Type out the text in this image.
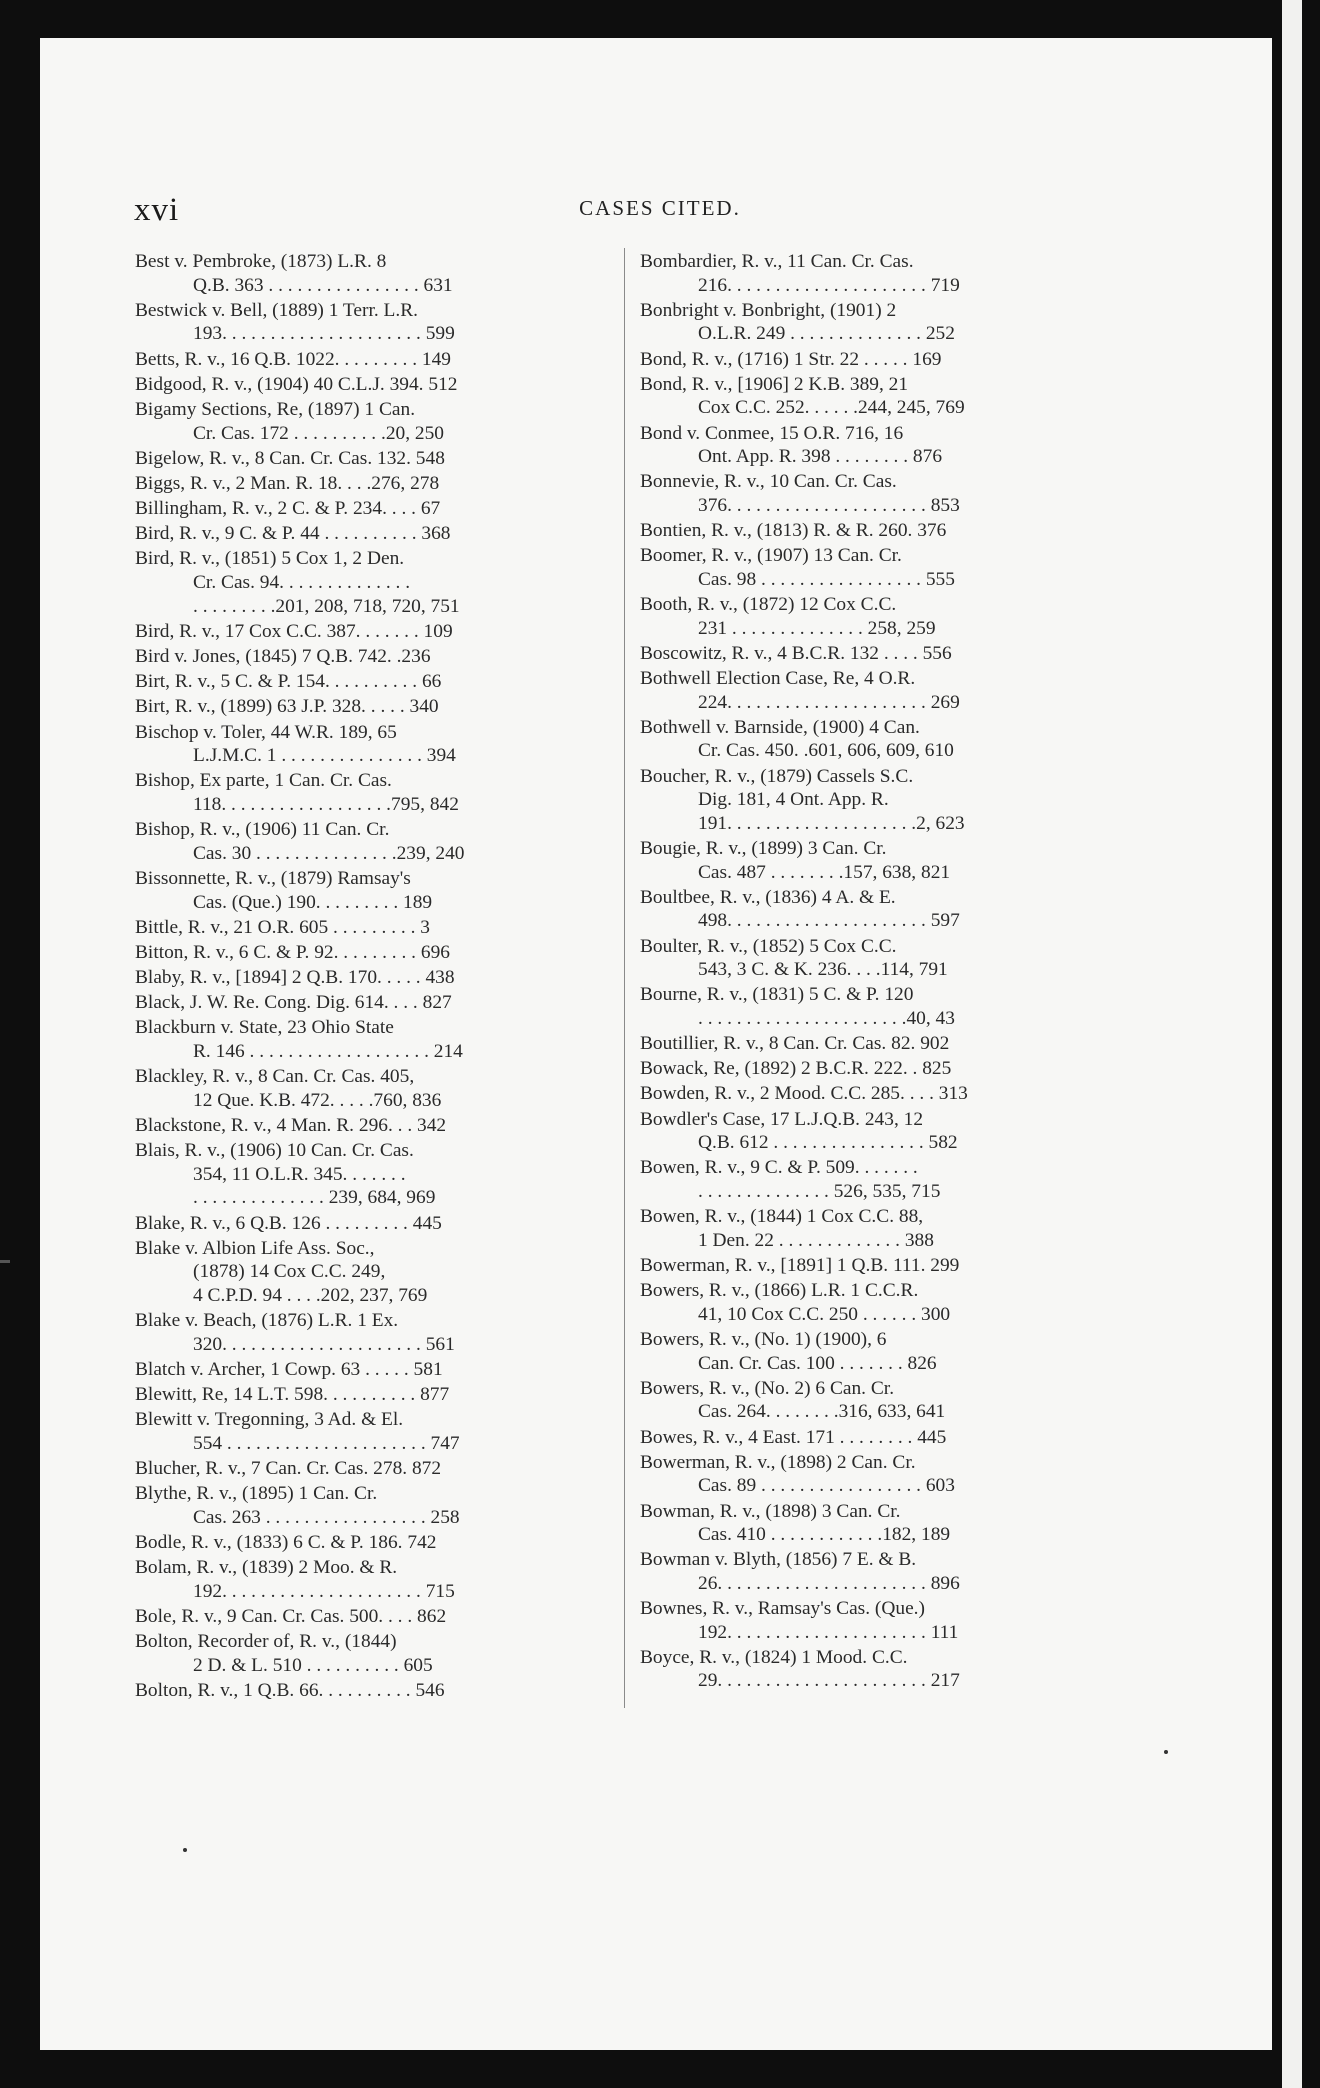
xvi	CASES CITED.
Best v. Pembroke, (1873) L.R. 8
Q.B. 363 . . . . . . . . . . . . . . . . 631
Bestwick v. Bell, (1889) 1 Terr. L.R.
193. . . . . . . . . . . . . . . . . . . . . 599
Betts, R. v., 16 Q.B. 1022. . . . . . . . . 149
Bidgood, R. v., (1904) 40 C.L.J. 394. 512
Bigamy Sections, Re, (1897) 1 Can.
Cr. Cas. 172 . . . . . . . . . .20, 250
Bigelow, R. v., 8 Can. Cr. Cas. 132. 548
Biggs, R. v., 2 Man. R. 18. . . .276, 278
Billingham, R. v., 2 C. & P. 234. . . . 67
Bird, R. v., 9 C. & P. 44 . . . . . . . . . . 368
Bird, R. v., (1851) 5 Cox 1, 2 Den.
Cr. Cas. 94. . . . . . . . . . . . . .
. . . . . . . . .201, 208, 718, 720, 751
Bird, R. v., 17 Cox C.C. 387. . . . . . . 109
Bird v. Jones, (1845) 7 Q.B. 742. .236
Birt, R. v., 5 C. & P. 154. . . . . . . . . . 66
Birt, R. v., (1899) 63 J.P. 328. . . . . 340
Bischop v. Toler, 44 W.R. 189, 65
L.J.M.C. 1 . . . . . . . . . . . . . . . 394
Bishop, Ex parte, 1 Can. Cr. Cas.
118. . . . . . . . . . . . . . . . . .795, 842
Bishop, R. v., (1906) 11 Can. Cr.
Cas. 30 . . . . . . . . . . . . . . .239, 240
Bissonnette, R. v., (1879) Ramsay's
Cas. (Que.) 190. . . . . . . . . 189
Bittle, R. v., 21 O.R. 605 . . . . . . . . . 3
Bitton, R. v., 6 C. & P. 92. . . . . . . . . 696
Blaby, R. v., [1894] 2 Q.B. 170. . . . . 438
Black, J. W. Re. Cong. Dig. 614. . . . 827
Blackburn v. State, 23 Ohio State
R. 146 . . . . . . . . . . . . . . . . . . . 214
Blackley, R. v., 8 Can. Cr. Cas. 405,
12 Que. K.B. 472. . . . .760, 836
Blackstone, R. v., 4 Man. R. 296. . . 342
Blais, R. v., (1906) 10 Can. Cr. Cas.
354, 11 O.L.R. 345. . . . . . .
. . . . . . . . . . . . . . 239, 684, 969
Blake, R. v., 6 Q.B. 126 . . . . . . . . . 445
Blake v. Albion Life Ass. Soc.,
(1878) 14 Cox C.C. 249,
4 C.P.D. 94 . . . .202, 237, 769
Blake v. Beach, (1876) L.R. 1 Ex.
320. . . . . . . . . . . . . . . . . . . . . 561
Blatch v. Archer, 1 Cowp. 63 . . . . . 581
Blewitt, Re, 14 L.T. 598. . . . . . . . . . 877
Blewitt v. Tregonning, 3 Ad. & El.
554 . . . . . . . . . . . . . . . . . . . . . 747
Blucher, R. v., 7 Can. Cr. Cas. 278. 872
Blythe, R. v., (1895) 1 Can. Cr.
Cas. 263 . . . . . . . . . . . . . . . . . 258
Bodle, R. v., (1833) 6 C. & P. 186. 742
Bolam, R. v., (1839) 2 Moo. & R.
192. . . . . . . . . . . . . . . . . . . . . 715
Bole, R. v., 9 Can. Cr. Cas. 500. . . . 862
Bolton, Recorder of, R. v., (1844)
2 D. & L. 510 . . . . . . . . . . 605
Bolton, R. v., 1 Q.B. 66. . . . . . . . . . 546
Bombardier, R. v., 11 Can. Cr. Cas.
216. . . . . . . . . . . . . . . . . . . . . 719
Bonbright v. Bonbright, (1901) 2
O.L.R. 249 . . . . . . . . . . . . . . 252
Bond, R. v., (1716) 1 Str. 22 . . . . . 169
Bond, R. v., [1906] 2 K.B. 389, 21
Cox C.C. 252. . . . . .244, 245, 769
Bond v. Conmee, 15 O.R. 716, 16
Ont. App. R. 398 . . . . . . . . 876
Bonnevie, R. v., 10 Can. Cr. Cas.
376. . . . . . . . . . . . . . . . . . . . . 853
Bontien, R. v., (1813) R. & R. 260. 376
Boomer, R. v., (1907) 13 Can. Cr.
Cas. 98 . . . . . . . . . . . . . . . . . 555
Booth, R. v., (1872) 12 Cox C.C.
231 . . . . . . . . . . . . . . 258, 259
Boscowitz, R. v., 4 B.C.R. 132 . . . . 556
Bothwell Election Case, Re, 4 O.R.
224. . . . . . . . . . . . . . . . . . . . . 269
Bothwell v. Barnside, (1900) 4 Can.
Cr. Cas. 450. .601, 606, 609, 610
Boucher, R. v., (1879) Cassels S.C.
Dig. 181, 4 Ont. App. R.
191. . . . . . . . . . . . . . . . . . . .2, 623
Bougie, R. v., (1899) 3 Can. Cr.
Cas. 487 . . . . . . . .157, 638, 821
Boultbee, R. v., (1836) 4 A. & E.
498. . . . . . . . . . . . . . . . . . . . . 597
Boulter, R. v., (1852) 5 Cox C.C.
543, 3 C. & K. 236. . . .114, 791
Bourne, R. v., (1831) 5 C. & P. 120
. . . . . . . . . . . . . . . . . . . . . .40, 43
Boutillier, R. v., 8 Can. Cr. Cas. 82. 902
Bowack, Re, (1892) 2 B.C.R. 222. . 825
Bowden, R. v., 2 Mood. C.C. 285. . . . 313
Bowdler's Case, 17 L.J.Q.B. 243, 12
Q.B. 612 . . . . . . . . . . . . . . . . 582
Bowen, R. v., 9 C. & P. 509. . . . . . .
. . . . . . . . . . . . . . 526, 535, 715
Bowen, R. v., (1844) 1 Cox C.C. 88,
1 Den. 22 . . . . . . . . . . . . . 388
Bowerman, R. v., [1891] 1 Q.B. 111. 299
Bowers, R. v., (1866) L.R. 1 C.C.R.
41, 10 Cox C.C. 250 . . . . . . 300
Bowers, R. v., (No. 1) (1900), 6
Can. Cr. Cas. 100 . . . . . . . 826
Bowers, R. v., (No. 2) 6 Can. Cr.
Cas. 264. . . . . . . .316, 633, 641
Bowes, R. v., 4 East. 171 . . . . . . . . 445
Bowerman, R. v., (1898) 2 Can. Cr.
Cas. 89 . . . . . . . . . . . . . . . . . 603
Bowman, R. v., (1898) 3 Can. Cr.
Cas. 410 . . . . . . . . . . . .182, 189
Bowman v. Blyth, (1856) 7 E. & B.
26. . . . . . . . . . . . . . . . . . . . . . 896
Bownes, R. v., Ramsay's Cas. (Que.)
192. . . . . . . . . . . . . . . . . . . . . 111
Boyce, R. v., (1824) 1 Mood. C.C.
29. . . . . . . . . . . . . . . . . . . . . . 217
